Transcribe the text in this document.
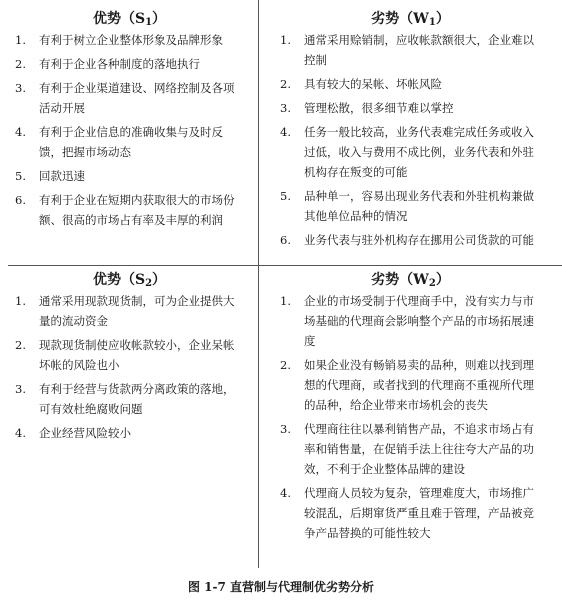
优势（S1）
1. 有利于树立企业整体形象及品牌形象
2. 有利于企业各种制度的落地执行
3. 有利于企业渠道建设、网络控制及各项活动开展
4. 有利于企业信息的准确收集与及时反馈，把握市场动态
5. 回款迅速
6. 有利于企业在短期内获取很大的市场份额、很高的市场占有率及丰厚的利润
劣势（W1）
1. 通常采用赊销制，应收帐款额很大，企业难以控制
2. 具有较大的呆帐、坏帐风险
3. 管理松散，很多细节难以掌控
4. 任务一般比较高，业务代表难完成任务或收入过低，收入与费用不成比例，业务代表和外驻机构存在叛变的可能
5. 品种单一，容易出现业务代表和外驻机构兼做其他单位品种的情况
6. 业务代表与驻外机构存在挪用公司货款的可能
优势（S2）
1. 通常采用现款现货制，可为企业提供大量的流动资金
2. 现款现货制使应收帐款较小，企业呆帐坏帐的风险也小
3. 有利于经营与货款两分离政策的落地，可有效杜绝腐败问题
4. 企业经营风险较小
劣势（W2）
1. 企业的市场受制于代理商手中，没有实力与市场基础的代理商会影响整个产品的市场拓展速度
2. 如果企业没有畅销易卖的品种，则难以找到理想的代理商，或者找到的代理商不重视所代理的品种，给企业带来市场机会的丧失
3. 代理商往往以暴利销售产品，不追求市场占有率和销售量，在促销手法上往往夸大产品的功效，不利于企业整体品牌的建设
4. 代理商人员较为复杂，管理难度大，市场推广较混乱，后期窜货严重且难于管理，产品被竞争产品替换的可能性较大
图 1-7 直营制与代理制优劣势分析
